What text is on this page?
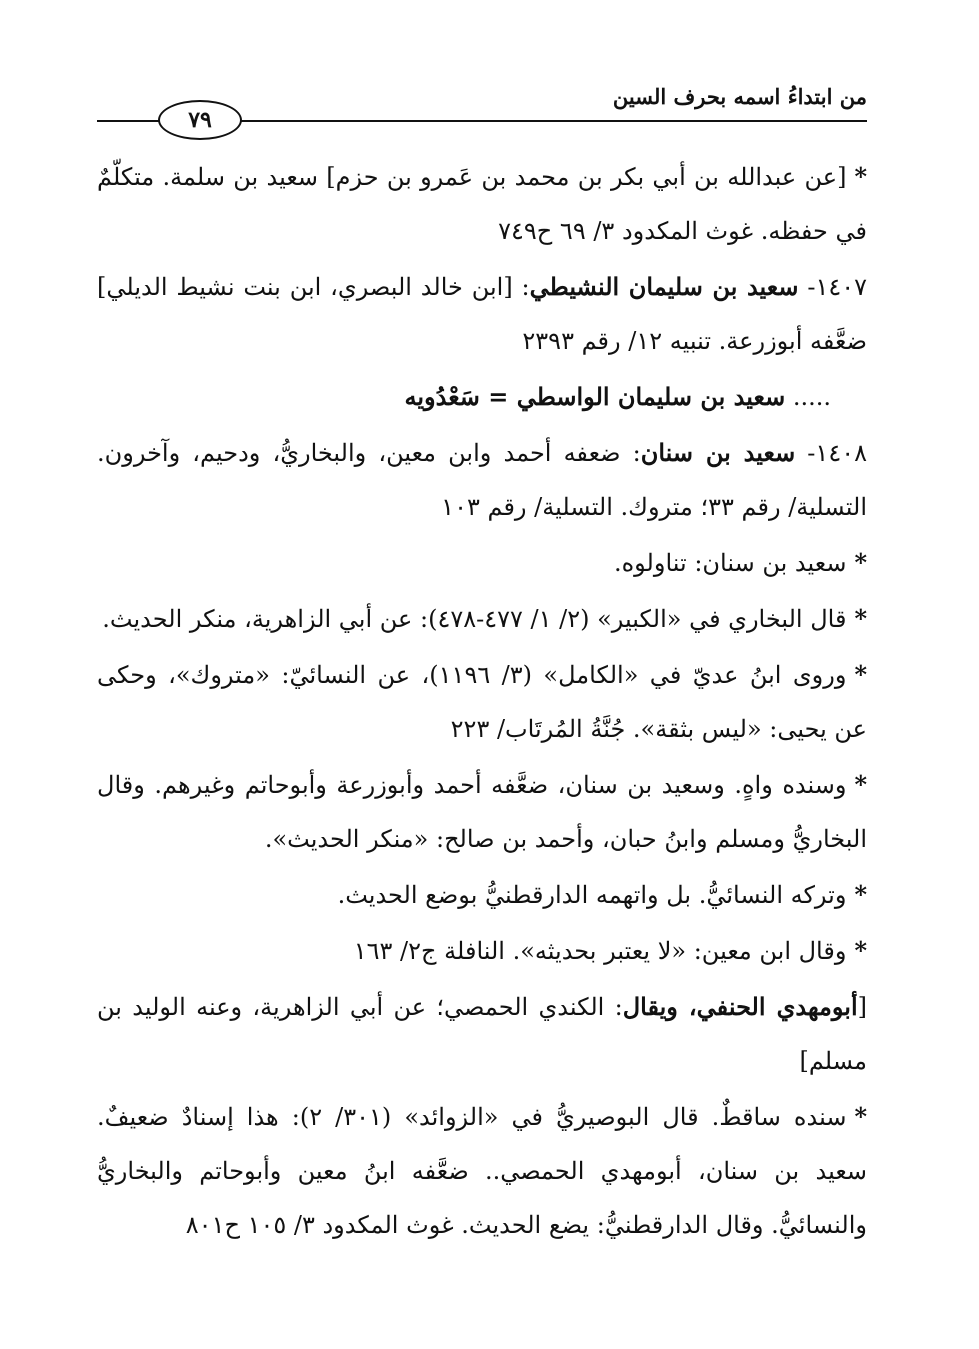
من ابتداءُ اسمه بحرف السين
٧٩

*[عن عبدالله بن أبي بكر بن محمد بن عَمرو بن حزم] سعيد بن سلمة. متكلّمٌ في حفظه. غوث المكدود ٣/ ٦٩ ح٧٤٩

١٤٠٧- سعيد بن سليمان النشيطي: [ابن خالد البصري، ابن بنت نشيط الديلي] ضعَّفه أبوزرعة. تنبيه ١٢/ رقم ٢٣٩٣

..... سعيد بن سليمان الواسطي = سَعْدُويه

١٤٠٨- سعيد بن سنان: ضعفه أحمد وابن معين، والبخاريُّ، ودحيم، وآخرون. التسلية/ رقم ٣٣؛ متروك. التسلية/ رقم ١٠٣

*سعيد بن سنان: تناولوه.

*قال البخاري في «الكبير» (٢/ ١/ ٤٧٧-٤٧٨): عن أبي الزاهرية، منكر الحديث.

*وروى ابنُ عديّ في «الكامل» (٣/ ١١٩٦)، عن النسائيّ: «متروك»، وحكى عن يحيى: «ليس بثقة». جُنَّةُ المُرتَاب/ ٢٢٣

*وسنده واهٍ. وسعيد بن سنان، ضعَّفه أحمد وأبوزرعة وأبوحاتم وغيرهم. وقال البخاريُّ ومسلم وابنُ حبان، وأحمد بن صالح: «منكر الحديث».

*وتركه النسائيُّ. بل واتهمه الدارقطنيُّ بوضع الحديث.

*وقال ابن معين: «لا يعتبر بحديثه». النافلة ج٢/ ١٦٣

[أبومهدي الحنفي، ويقال: الكندي الحمصي؛ عن أبي الزاهرية، وعنه الوليد بن مسلم]

*سنده ساقطٌ. قال البوصيريُّ في «الزوائد» (٣٠١/ ٢): هذا إسنادٌ ضعيفٌ. سعيد بن سنان، أبومهدي الحمصي.. ضعَّفه ابنُ معين وأبوحاتم والبخاريُّ والنسائيُّ. وقال الدارقطنيُّ: يضع الحديث. غوث المكدود ٣/ ١٠٥ ح٨٠١
